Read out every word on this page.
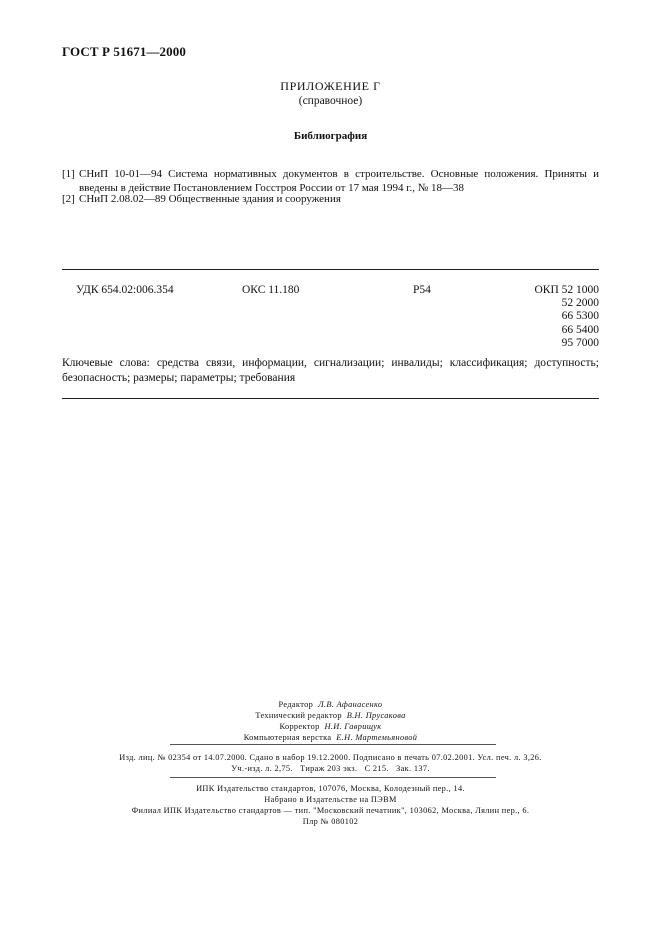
ГОСТ Р 51671—2000
ПРИЛОЖЕНИЕ Г
(справочное)
Библиография
[1] СНиП 10-01—94 Система нормативных документов в строительстве. Основные положения. Приняты и введены в действие Постановлением Госстроя России от 17 мая 1994 г., № 18—38
[2] СНиП 2.08.02—89 Общественные здания и сооружения
УДК 654.02:006.354	ОКС 11.180	Р54	ОКП 52 1000
52 2000
66 5300
66 5400
95 7000
Ключевые слова: средства связи, информации, сигнализации; инвалиды; классификация; доступность; безопасность; размеры; параметры; требования
Редактор Л.В. Афанасенко
Технический редактор В.Н. Прусакова
Корректор Н.И. Гаврищук
Компьютерная верстка Е.Н. Мартемьяновой
Изд. лиц. № 02354 от 14.07.2000. Сдано в набор 19.12.2000. Подписано в печать 07.02.2001. Усл. печ. л. 3,26.
Уч.-изд. л. 2,75.   Тираж 203 экз.   С 215.   Зак. 137.
ИПК Издательство стандартов, 107076, Москва, Колодезный пер., 14.
Набрано в Издательстве на ПЭВМ
Филиал ИПК Издательство стандартов — тип. "Московский печатник", 103062, Москва, Лялин пер., 6.
Плр № 080102
